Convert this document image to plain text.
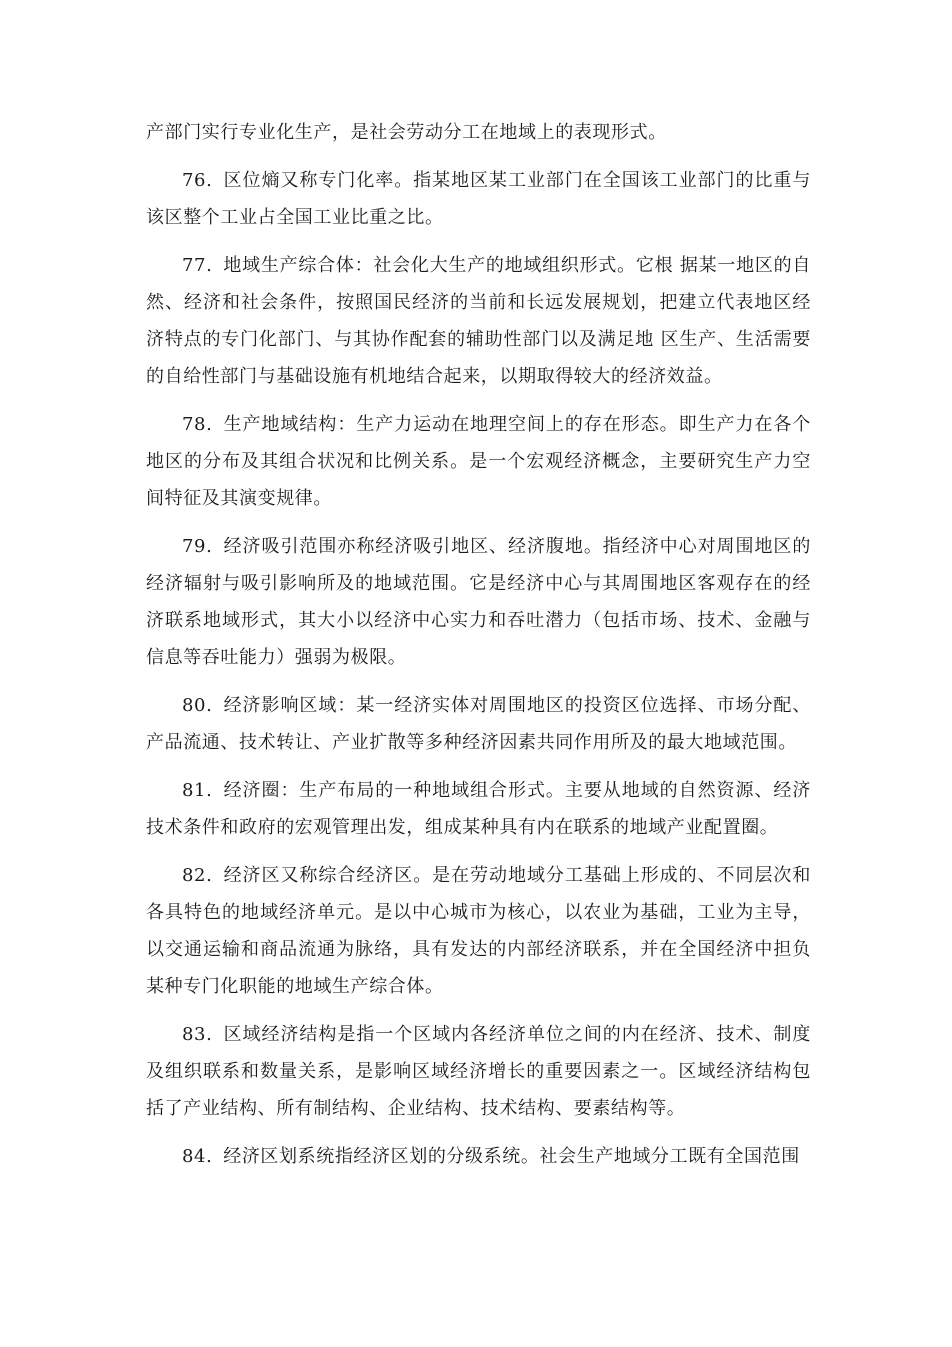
产部门实行专业化生产，是社会劳动分工在地域上的表现形式。

76. 区位熵又称专门化率。指某地区某工业部门在全国该工业部门的比重与该区整个工业占全国工业比重之比。

77. 地域生产综合体：社会化大生产的地域组织形式。它根 据某一地区的自然、经济和社会条件，按照国民经济的当前和长远发展规划，把建立代表地区经济特点的专门化部门、与其协作配套的辅助性部门以及满足地 区生产、生活需要的自给性部门与基础设施有机地结合起来，以期取得较大的经济效益。

78. 生产地域结构：生产力运动在地理空间上的存在形态。即生产力在各个地区的分布及其组合状况和比例关系。是一个宏观经济概念，主要研究生产力空间特征及其演变规律。

79. 经济吸引范围亦称经济吸引地区、经济腹地。指经济中心对周围地区的经济辐射与吸引影响所及的地域范围。它是经济中心与其周围地区客观存在的经济联系地域形式，其大小以经济中心实力和吞吐潜力（包括市场、技术、金融与信息等吞吐能力）强弱为极限。

80. 经济影响区域：某一经济实体对周围地区的投资区位选择、市场分配、产品流通、技术转让、产业扩散等多种经济因素共同作用所及的最大地域范围。

81. 经济圈：生产布局的一种地域组合形式。主要从地域的自然资源、经济技术条件和政府的宏观管理出发，组成某种具有内在联系的地域产业配置圈。

82. 经济区又称综合经济区。是在劳动地域分工基础上形成的、不同层次和各具特色的地域经济单元。是以中心城市为核心，以农业为基础，工业为主导，以交通运输和商品流通为脉络，具有发达的内部经济联系，并在全国经济中担负某种专门化职能的地域生产综合体。

83. 区域经济结构是指一个区域内各经济单位之间的内在经济、技术、制度及组织联系和数量关系，是影响区域经济增长的重要因素之一。区域经济结构包括了产业结构、所有制结构、企业结构、技术结构、要素结构等。

84. 经济区划系统指经济区划的分级系统。社会生产地域分工既有全国范围
